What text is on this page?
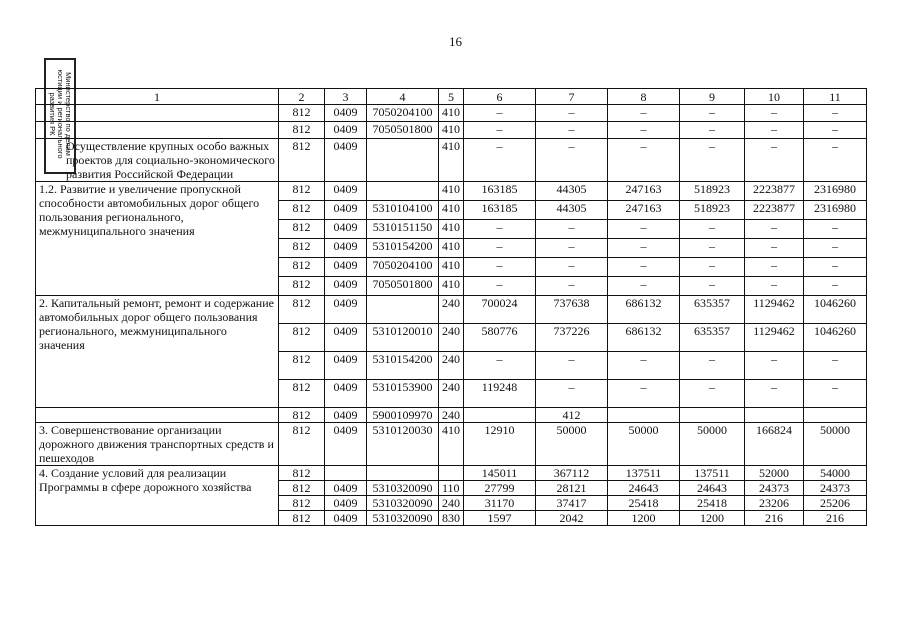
16
Министерство по делам юстиции и регионального развития РК	1	2	3	4	5	6	7	8	9	10	11
	812	0409	7050204100	410	–	–	–	–	–	–
	812	0409	7050501800	410	–	–	–	–	–	–
Осуществление крупных особо важных проектов для социально-экономического развития Российской Федерации	812	0409		410	–	–	–	–	–	–
1.2. Развитие и увеличение пропускной способности автомобильных дорог общего пользования регионального, межмуниципального значения	812	0409		410	163185	44305	247163	518923	2223877	2316980
	812	0409	5310104100	410	163185	44305	247163	518923	2223877	2316980
	812	0409	5310151150	410	–	–	–	–	–	–
	812	0409	5310154200	410	–	–	–	–	–	–
	812	0409	7050204100	410	–	–	–	–	–	–
	812	0409	7050501800	410	–	–	–	–	–	–
2. Капитальный ремонт, ремонт и содержание автомобильных дорог общего пользования регионального, межмуниципального значения	812	0409		240	700024	737638	686132	635357	1129462	1046260
	812	0409	5310120010	240	580776	737226	686132	635357	1129462	1046260
	812	0409	5310154200	240	–	–	–	–	–	–
	812	0409	5310153900	240	119248	–	–	–	–	–
	812	0409	5900109970	240		412				
3. Совершенствование организации дорожного движения транспортных средств и пешеходов	812	0409	5310120030	410	12910	50000	50000	50000	166824	50000
4. Создание условий для реализации Программы в сфере дорожного хозяйства	812				145011	367112	137511	137511	52000	54000
	812	0409	5310320090	110	27799	28121	24643	24643	24373	24373
	812	0409	5310320090	240	31170	37417	25418	25418	23206	25206
	812	0409	5310320090	830	1597	2042	1200	1200	216	216
